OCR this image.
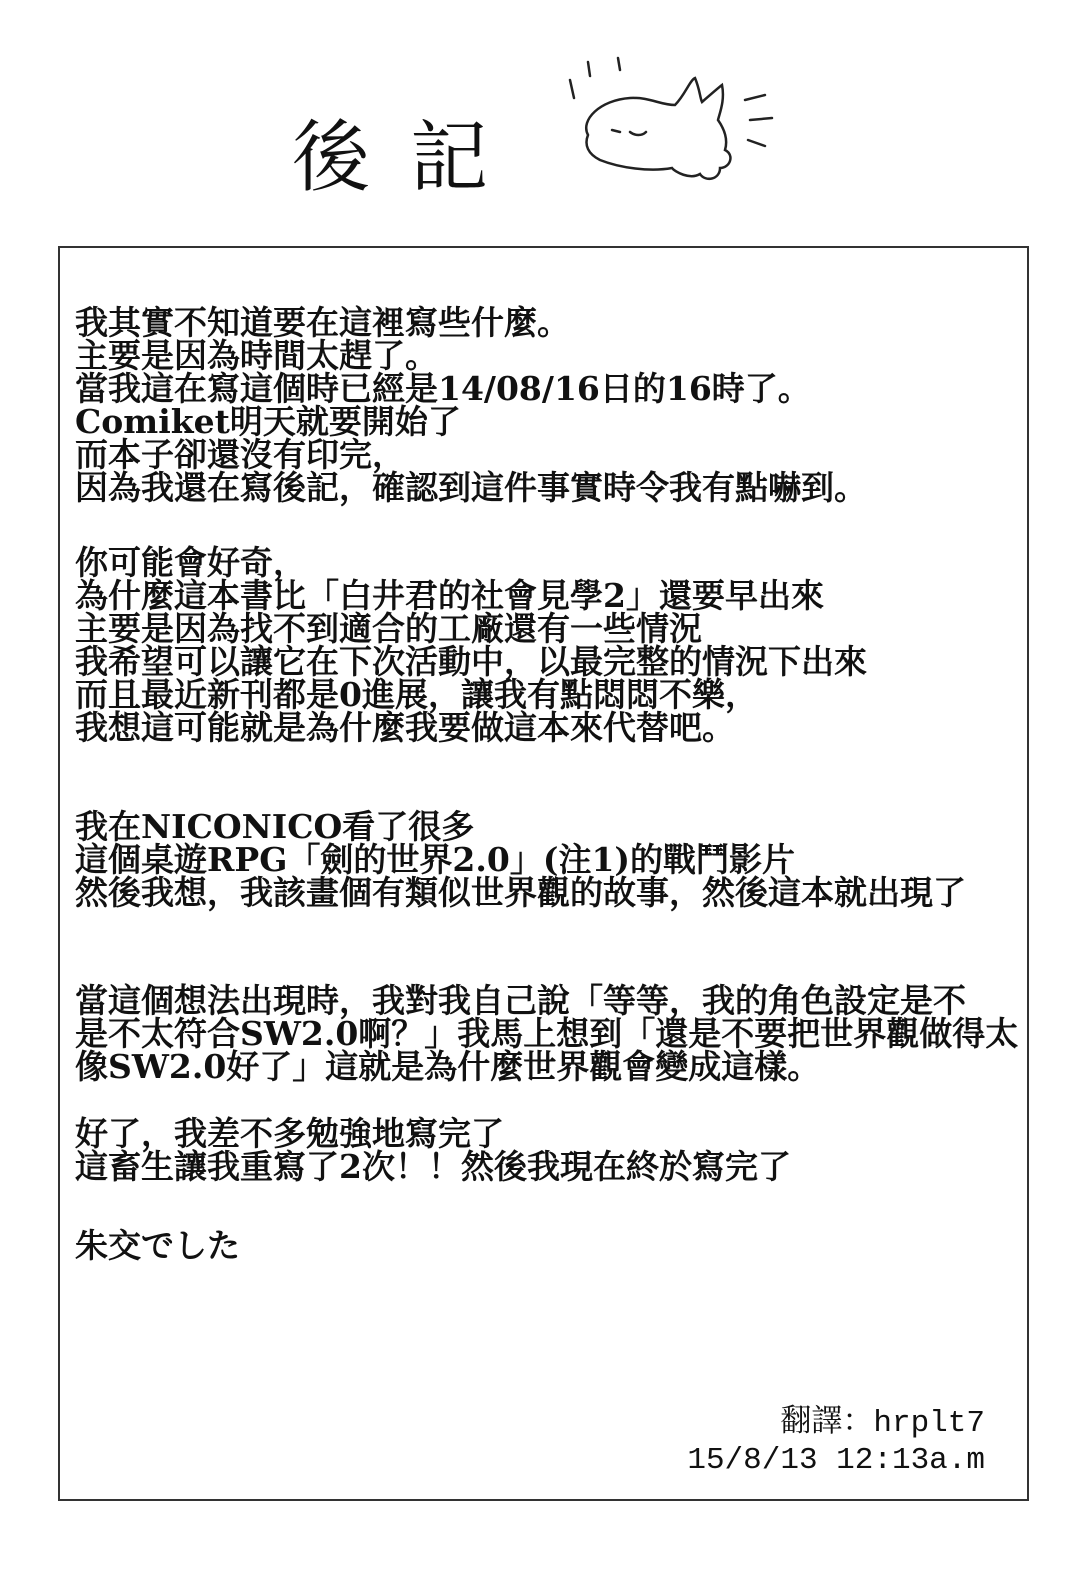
後記
我其實不知道要在這裡寫些什麼。
主要是因為時間太趕了。
當我這在寫這個時已經是14/08/16日的16時了。
Comiket明天就要開始了
而本子卻還沒有印完，
因為我還在寫後記，確認到這件事實時令我有點嚇到。
你可能會好奇，
為什麼這本書比「白井君的社會見學2」還要早出來
主要是因為找不到適合的工廠還有一些情況
我希望可以讓它在下次活動中，以最完整的情況下出來
而且最近新刊都是0進展，讓我有點悶悶不樂，
我想這可能就是為什麼我要做這本來代替吧。
我在NICONICO看了很多
這個桌遊RPG「劍的世界2.0」(注1)的戰鬥影片
然後我想，我該畫個有類似世界觀的故事，然後這本就出現了
當這個想法出現時，我對我自己說「等等，我的角色設定是不
是不太符合SW2.0啊？」我馬上想到「還是不要把世界觀做得太
像SW2.0好了」這就是為什麼世界觀會變成這樣。
好了，我差不多勉強地寫完了
這畜生讓我重寫了2次！！然後我現在終於寫完了
朱交でした
翻譯：hrplt7
15/8/13 12:13a.m
